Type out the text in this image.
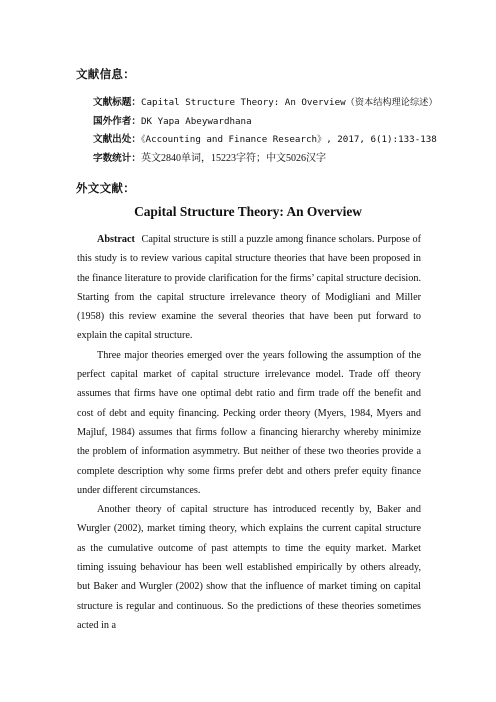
文献信息：
文献标题：Capital Structure Theory: An Overview（资本结构理论综述）
国外作者：DK Yapa Abeywardhana
文献出处：《Accounting and Finance Research》, 2017, 6(1):133-138
字数统计：英文2840单词，15223字符；中文5026汉字
外文文献：
Capital Structure Theory: An Overview

Abstract Capital structure is still a puzzle among finance scholars. Purpose of this study is to review various capital structure theories that have been proposed in the finance literature to provide clarification for the firms’ capital structure decision. Starting from the capital structure irrelevance theory of Modigliani and Miller (1958) this review examine the several theories that have been put forward to explain the capital structure.

Three major theories emerged over the years following the assumption of the perfect capital market of capital structure irrelevance model. Trade off theory assumes that firms have one optimal debt ratio and firm trade off the benefit and cost of debt and equity financing. Pecking order theory (Myers, 1984, Myers and Majluf, 1984) assumes that firms follow a financing hierarchy whereby minimize the problem of information asymmetry. But neither of these two theories provide a complete description why some firms prefer debt and others prefer equity finance under different circumstances.

Another theory of capital structure has introduced recently by, Baker and Wurgler (2002), market timing theory, which explains the current capital structure as the cumulative outcome of past attempts to time the equity market. Market timing issuing behaviour has been well established empirically by others already, but Baker and Wurgler (2002) show that the influence of market timing on capital structure is regular and continuous. So the predictions of these theories sometimes acted in a
